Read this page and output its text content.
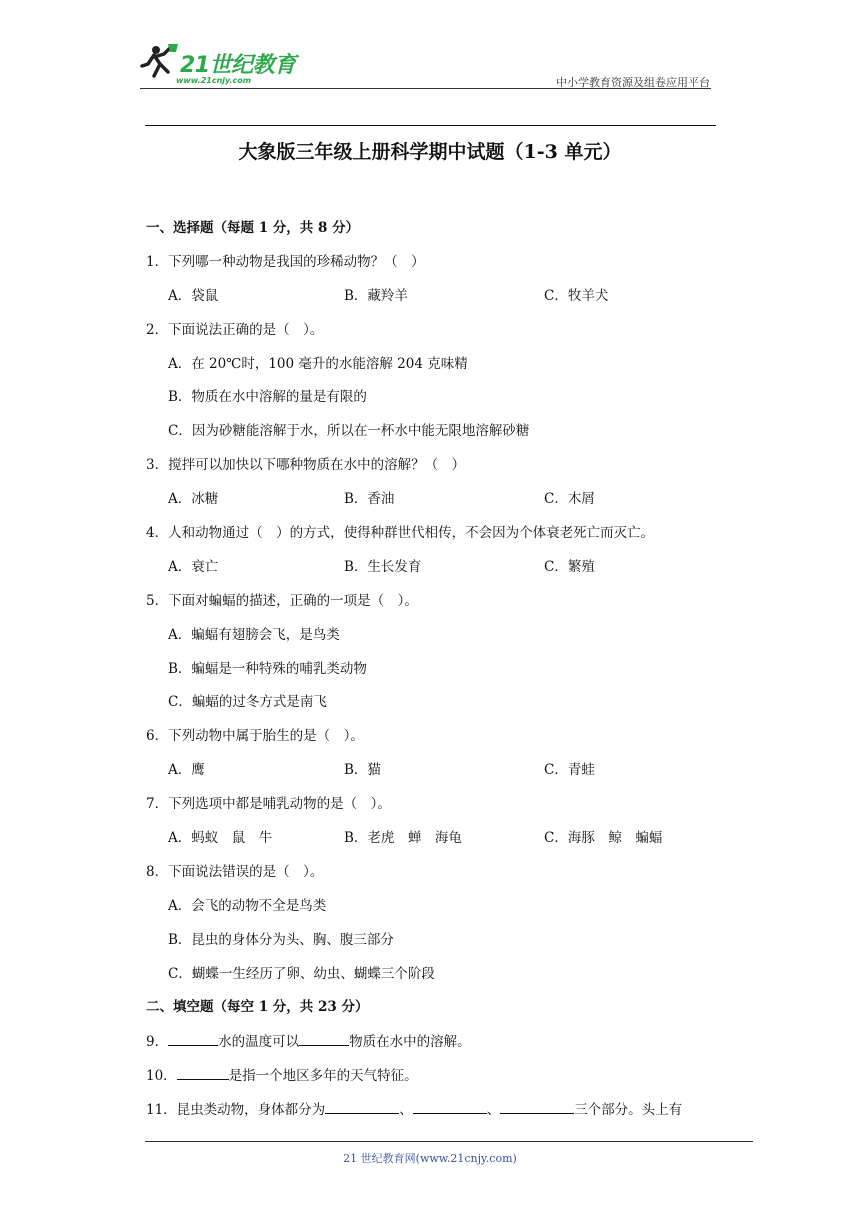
21世纪教育
www.21cnjy.com	中小学教育资源及组卷应用平台
大象版三年级上册科学期中试题（1-3 单元）
一、选择题（每题 1 分，共 8 分）
1．下列哪一种动物是我国的珍稀动物？（　）
A．袋鼠	B．藏羚羊	C．牧羊犬
2．下面说法正确的是（　）。
A．在 20℃时，100 毫升的水能溶解 204 克味精
B．物质在水中溶解的量是有限的
C．因为砂糖能溶解于水，所以在一杯水中能无限地溶解砂糖
3．搅拌可以加快以下哪种物质在水中的溶解？（　）
A．冰糖	B．香油	C．木屑
4．人和动物通过（　）的方式，使得种群世代相传，不会因为个体衰老死亡而灭亡。
A．衰亡	B．生长发育	C．繁殖
5．下面对蝙蝠的描述，正确的一项是（　）。
A．蝙蝠有翅膀会飞，是鸟类
B．蝙蝠是一种特殊的哺乳类动物
C．蝙蝠的过冬方式是南飞
6．下列动物中属于胎生的是（　）。
A．鹰	B．猫	C．青蛙
7．下列选项中都是哺乳动物的是（　）。
A．蚂蚁　鼠　牛	B．老虎　蝉　海龟	C．海豚　鲸　蝙蝠
8．下面说法错误的是（　）。
A．会飞的动物不全是鸟类
B．昆虫的身体分为头、胸、腹三部分
C．蝴蝶一生经历了卵、幼虫、蝴蝶三个阶段
二、填空题（每空 1 分，共 23 分）
9．	水的温度可以	物质在水中的溶解。
10．	是指一个地区多年的天气特征。
11．昆虫类动物，身体都分为	、	、	三个部分。头上有
21 世纪教育网(www.21cnjy.com)
